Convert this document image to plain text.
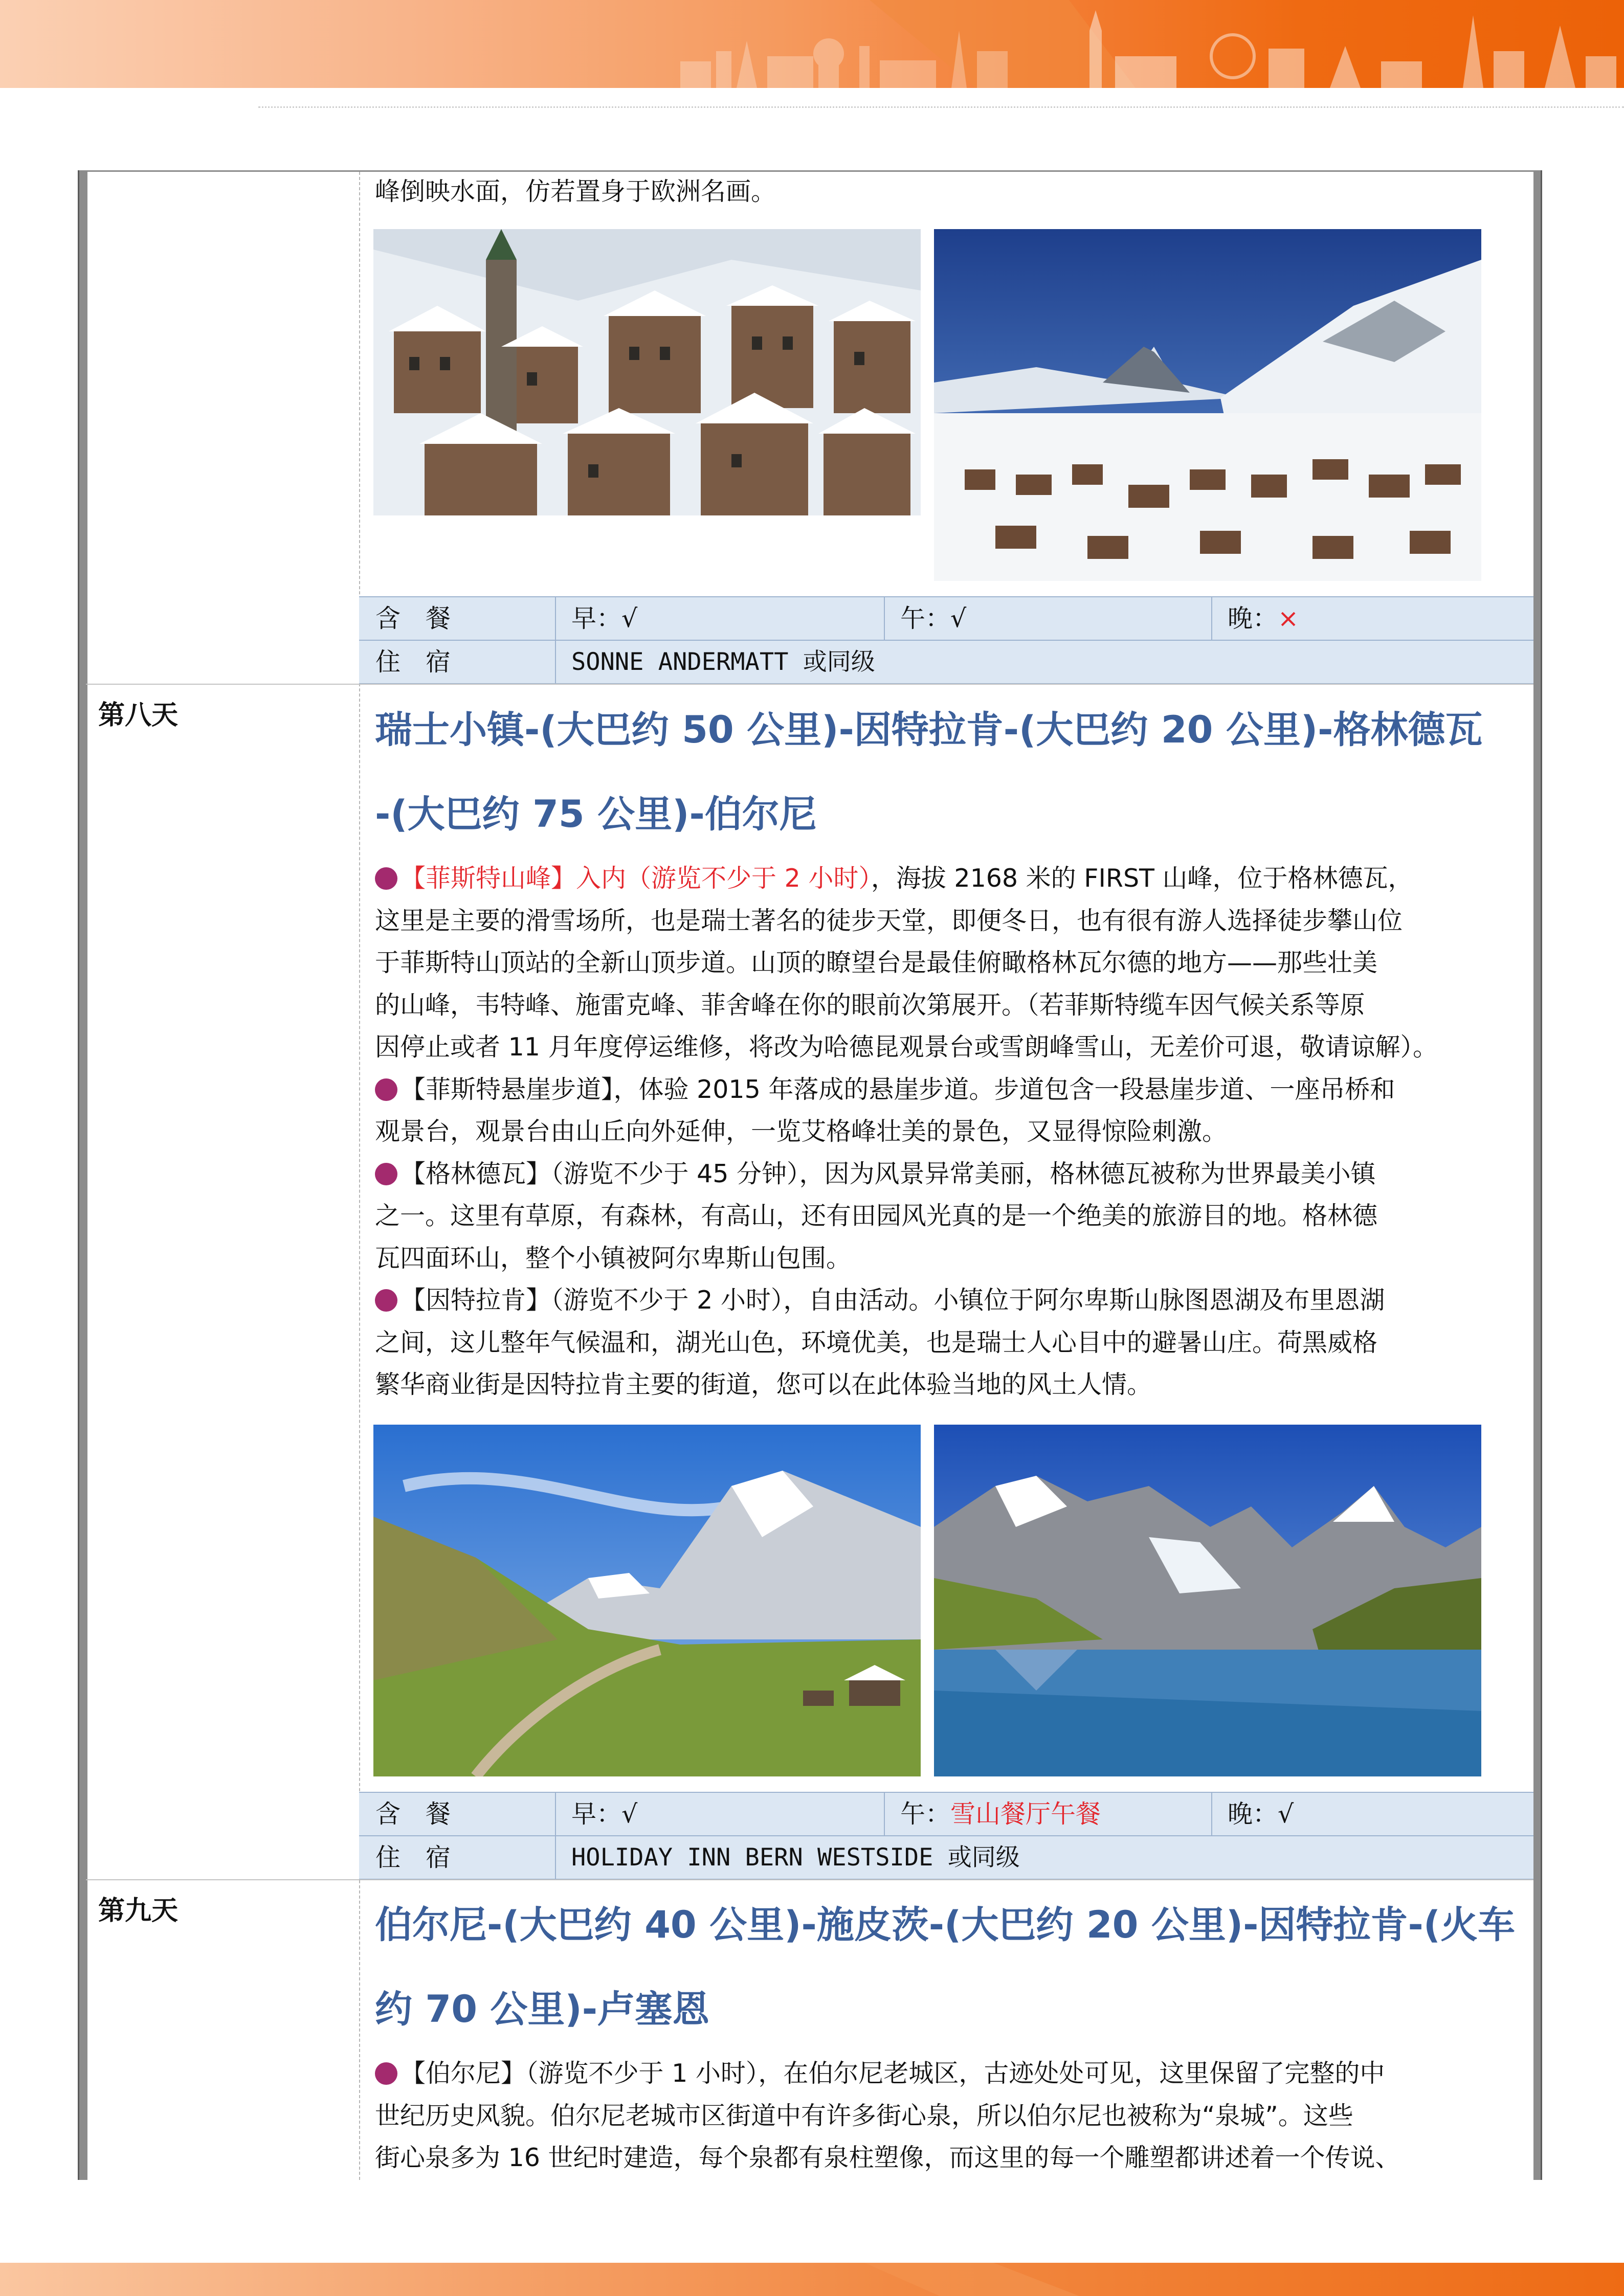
峰倒映水面，仿若置身于欧洲名画。
含　餐	早：√	午：√	晚：×
住　宿	SONNE ANDERMATT 或同级
第八天	瑞士小镇-(大巴约 50 公里)-因特拉肯-(大巴约 20 公里)-格林德瓦
-(大巴约 75 公里)-伯尔尼
【菲斯特山峰】入内（游览不少于 2 小时），海拔 2168 米的 FIRST 山峰，位于格林德瓦，
这里是主要的滑雪场所，也是瑞士著名的徒步天堂，即便冬日，也有很有游人选择徒步攀山位
于菲斯特山顶站的全新山顶步道。山顶的瞭望台是最佳俯瞰格林瓦尔德的地方——那些壮美
的山峰，韦特峰、施雷克峰、菲舍峰在你的眼前次第展开。（若菲斯特缆车因气候关系等原
因停止或者 11 月年度停运维修，将改为哈德昆观景台或雪朗峰雪山，无差价可退，敬请谅解）。
【菲斯特悬崖步道】，体验 2015 年落成的悬崖步道。步道包含一段悬崖步道、一座吊桥和
观景台，观景台由山丘向外延伸，一览艾格峰壮美的景色，又显得惊险刺激。
【格林德瓦】（游览不少于 45 分钟），因为风景异常美丽，格林德瓦被称为世界最美小镇
之一。这里有草原，有森林，有高山，还有田园风光真的是一个绝美的旅游目的地。格林德
瓦四面环山，整个小镇被阿尔卑斯山包围。
【因特拉肯】（游览不少于 2 小时），自由活动。小镇位于阿尔卑斯山脉图恩湖及布里恩湖
之间，这儿整年气候温和，湖光山色，环境优美，也是瑞士人心目中的避暑山庄。荷黑威格
繁华商业街是因特拉肯主要的街道，您可以在此体验当地的风土人情。
含　餐	早：√	午：雪山餐厅午餐	晚：√
住　宿	HOLIDAY INN BERN WESTSIDE 或同级
第九天	伯尔尼-(大巴约 40 公里)-施皮茨-(大巴约 20 公里)-因特拉肯-(火车
约 70 公里)-卢塞恩
【伯尔尼】（游览不少于 1 小时），在伯尔尼老城区，古迹处处可见，这里保留了完整的中
世纪历史风貌。伯尔尼老城市区街道中有许多街心泉，所以伯尔尼也被称为“泉城”。这些
街心泉多为 16 世纪时建造，每个泉都有泉柱塑像，而这里的每一个雕塑都讲述着一个传说、
